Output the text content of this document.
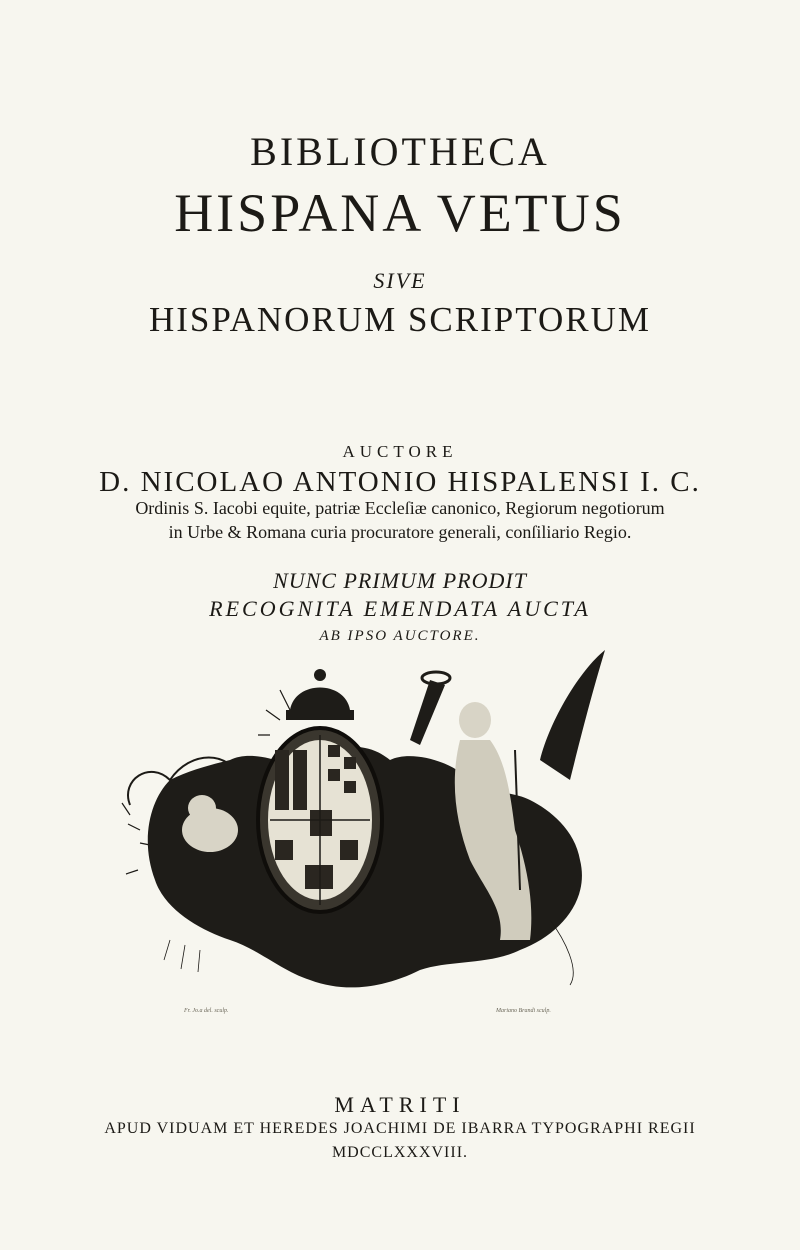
BIBLIOTHECA
HISPANA VETUS
SIVE
HISPANORUM SCRIPTORUM
AUCTORE
D. NICOLAO ANTONIO HISPALENSI I. C.
Ordinis S. Iacobi equite, patriæ Eccleſiæ canonico, Regiorum negotiorum
in Urbe & Romana curia procuratore generali, conſiliario Regio.
NUNC PRIMUM PRODIT
RECOGNITA EMENDATA AUCTA
AB IPSO AUCTORE.
Fr. Jo.a del. sculp.	Mariano Brandi sculp.
MATRITI
APUD VIDUAM ET HEREDES JOACHIMI DE IBARRA TYPOGRAPHI REGII
MDCCLXXXVIII.
